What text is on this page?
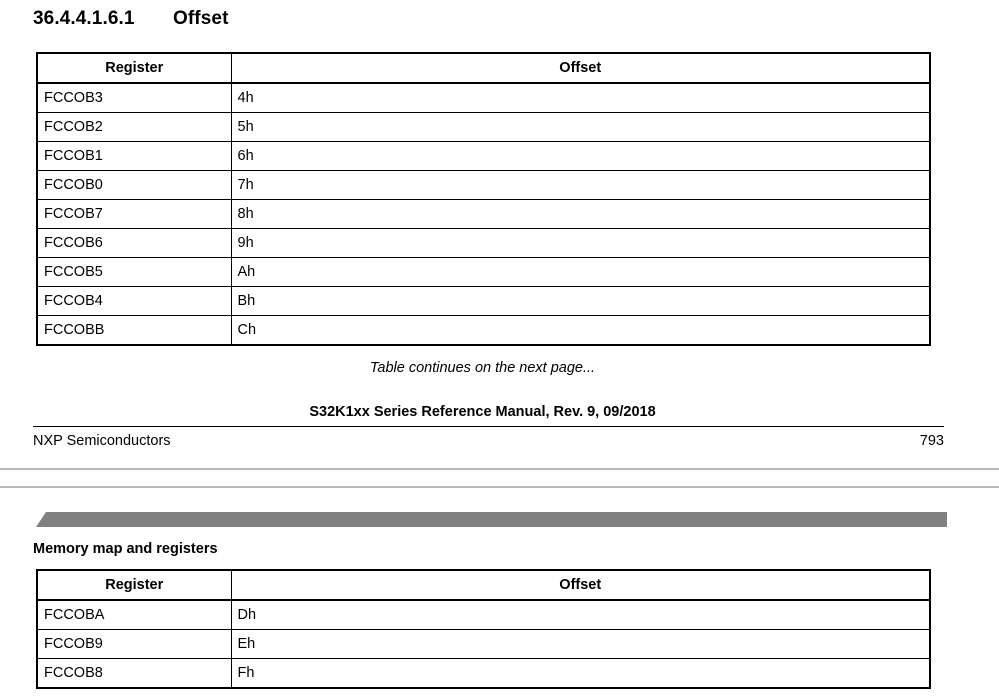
36.4.4.1.6.1 Offset
Register	Offset
FCCOB3	4h
FCCOB2	5h
FCCOB1	6h
FCCOB0	7h
FCCOB7	8h
FCCOB6	9h
FCCOB5	Ah
FCCOB4	Bh
FCCOBB	Ch
Table continues on the next page...
S32K1xx Series Reference Manual, Rev. 9, 09/2018
NXP Semiconductors	793
Memory map and registers
Register	Offset
FCCOBA	Dh
FCCOB9	Eh
FCCOB8	Fh
